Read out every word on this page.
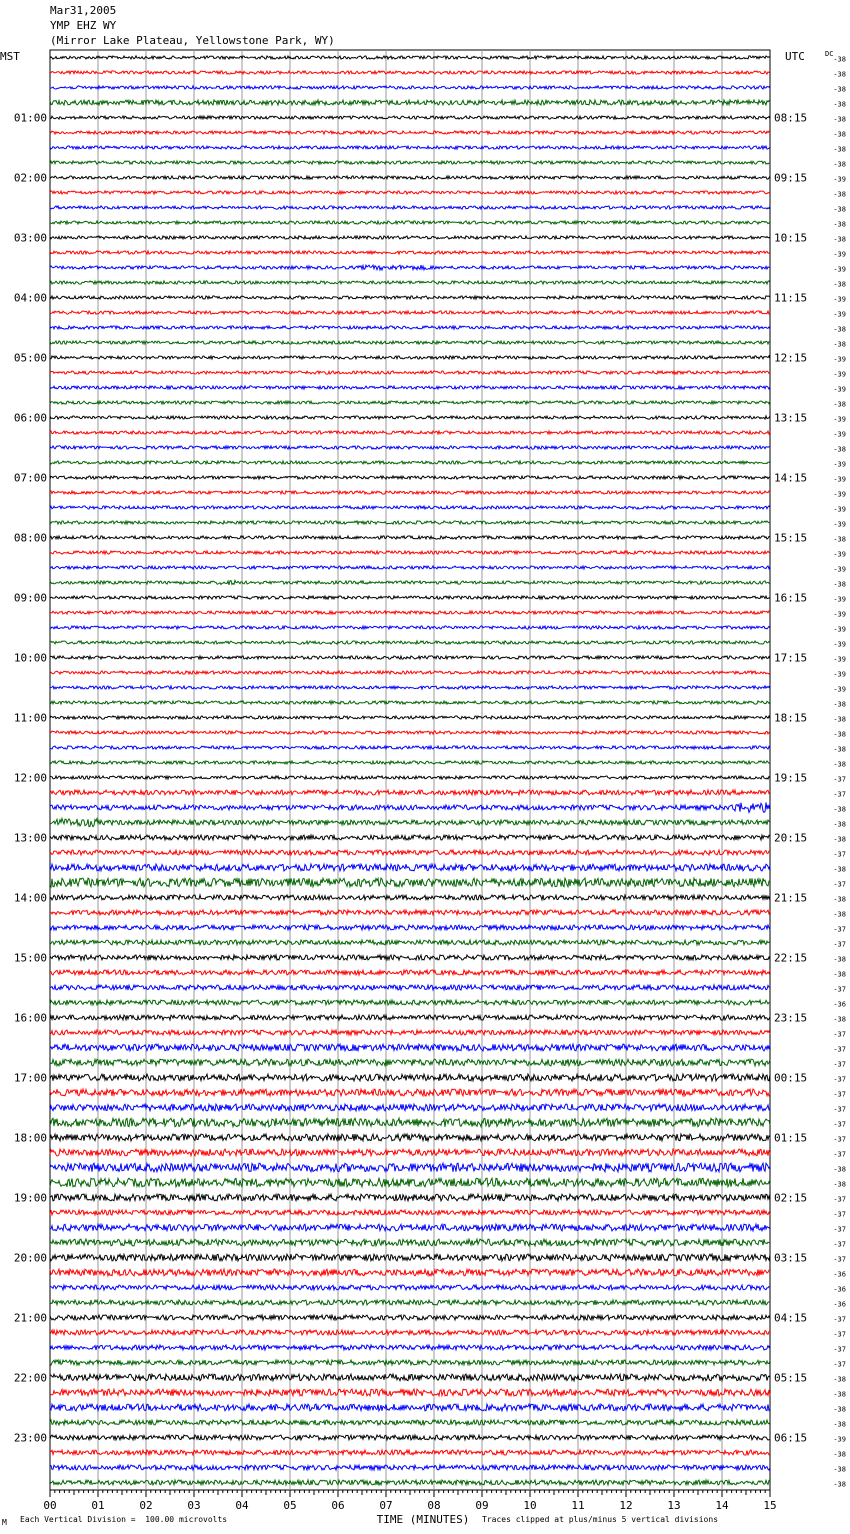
MST	UTC	DC
01:00	08:15
02:00	09:15
03:00	10:15
04:00	11:15
05:00	12:15
06:00	13:15
07:00	14:15
08:00	15:15
09:00	16:15
10:00	17:15
11:00	18:15
12:00	19:15
13:00	20:15
14:00	21:15
15:00	22:15
16:00	23:15
17:00	00:15
18:00	01:15
19:00	02:15
20:00	03:15
21:00	04:15
22:00	05:15
23:00	06:15
-38
-38
-38
-38
-38
-38
-38
-38
-39
-38
-38
-38
-38
-39
-39
-38
-39
-39
-38
-38
-39
-39
-39
-38
-39
-39
-38
-39
-39
-39
-39
-39
-38
-39
-39
-38
-39
-39
-39
-39
-39
-39
-39
-38
-38
-38
-38
-38
-37
-37
-38
-38
-38
-37
-38
-37
-38
-38
-37
-37
-38
-38
-37
-36
-38
-37
-37
-37
-37
-37
-37
-37
-37
-37
-38
-38
-37
-37
-37
-37
-37
-36
-36
-36
-37
-37
-37
-37
-38
-38
-38
-38
-39
-38
-38
-38
00	01	02	03	04	05	06	07	08	09	10	11	12	13	14	15
TIME (MINUTES)
Mar31,2005
YMP EHZ WY
(Mirror Lake Plateau, Yellowstone Park, WY)
M Each Vertical Division =  100.00 microvolts	Traces clipped at plus/minus 5 vertical divisions
